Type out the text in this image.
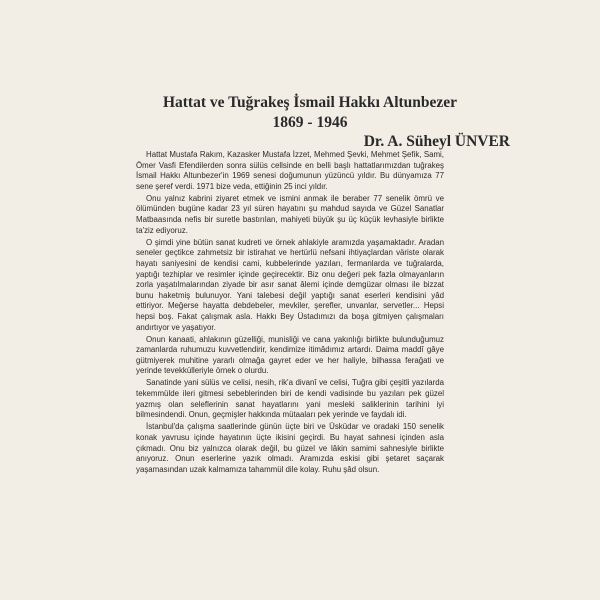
Hattat ve Tuğrakeş İsmail Hakkı Altunbezer
1869 - 1946
Dr. A. Süheyl ÜNVER

Hattat Mustafa Rakım, Kazasker Mustafa İzzet, Mehmed Şevki, Mehmet Şefik, Sami, Ömer Vasfi Efendilerden sonra sülüs cellsinde en belli başlı hattatlarımızdan tuğrakeş İsmail Hakkı Altunbezer'in 1969 senesi doğumunun yüzüncü yıldır. Bu dünyamıza 77 sene şeref verdi. 1971 bize veda, ettiğinin 25 inci yıldır.

Onu yalnız kabrini ziyaret etmek ve ismini anmak ile beraber 77 senelik ömrü ve ölümünden bugüne kadar 23 yıl süren hayatını şu mahdud sayıda ve Güzel Sanatlar Matbaasında nefis bir suretle bastırılan, mahiyeti büyük şu üç küçük levhasiyle birlikte ta'ziz ediyoruz.

O şimdi yine bütün sanat kudreti ve örnek ahlakiyle aramızda yaşamaktadır. Aradan seneler geçtikce zahmetsiz bir istirahat ve hertürlü nefsani ihtiyaçlardan väriste olarak hayatı saniyesini de kendisi cami, kubbelerinde yazıları, fermanlarda ve tuğralarda, yaptığı tezhiplar ve resimler içinde geçirecektir. Biz onu değeri pek fazla olmayanların zorla yaşatılmalarından ziyade bir asır sanat âlemi içinde demgüzar olması ile bizzat bunu haketmiş bulunuyor. Yani talebesi değil yaptığı sanat eserleri kendisini yâd ettiriyor. Meğerse hayatta debdebeler, mevkiler, şerefler, unvanlar, servetler... Hepsi hepsi boş. Fakat çalışmak asla. Hakkı Bey Üstadımızı da boşa gitmiyen çalışmaları andırtıyor ve yaşatıyor.

Onun kanaati, ahlakının güzelliği, munisliği ve cana yakınlığı birlikte bulunduğumuz zamanlarda ruhumuzu kuvvetlendirir, kendimize itimâdımız artardı. Daima maddî gâye gütmiyerek muhitine yararlı olmağa gayret eder ve her haliyle, bilhassa ferağati ve yerinde tevekkülleriyle örnek o olurdu.

Sanatinde yani sülüs ve celisi, nesih, rik'a divanî ve celisi, Tuğra gibi çeşitli yazılarda tekemmülde ileri gitmesi sebeblerinden biri de kendi vadisinde bu yazıları pek güzel yazmış olan seleflerinin sanat hayatlarını yani mesleki saliklerinin tarihini iyi bilmesindendi. Onun, geçmişler hakkında mütaaları pek yerinde ve faydalı idi.

İstanbul'da çalışma saatlerinde günün üçte biri ve Üsküdar ve oradaki 150 senelik konak yavrusu içinde hayatının üçte ikisini geçirdi. Bu hayat sahnesi içinden asla çıkmadı. Onu biz yalnızca olarak değil, bu güzel ve lâkin samimi sahnesiyle birlikte anıyoruz. Onun eserlerine yazık olmadı. Aramızda eskisi gibi şetaret saçarak yaşamasından uzak kalmamıza tahammül dile kolay. Ruhu şâd olsun.
